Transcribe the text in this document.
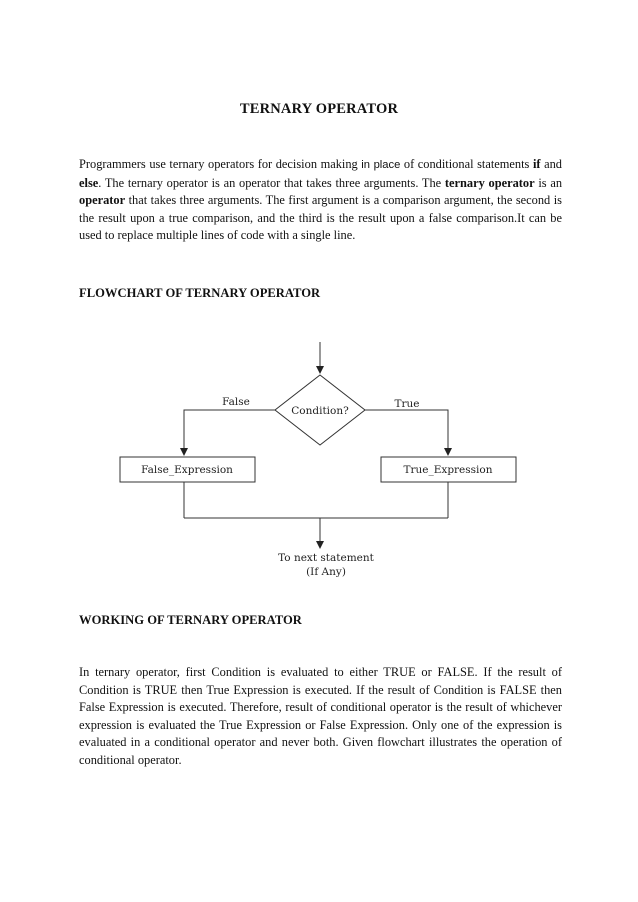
TERNARY OPERATOR

Programmers use ternary operators for decision making in place of conditional statements if and else. The ternary operator is an operator that takes three arguments. The ternary operator is an operator that takes three arguments. The first argument is a comparison argument, the second is the result upon a true comparison, and the third is the result upon a false comparison.It can be used to replace multiple lines of code with a single line.

FLOWCHART OF TERNARY OPERATOR
Condition?
False	True
False_Expression	True_Expression
To next statement
(If Any)
WORKING OF TERNARY OPERATOR

In ternary operator, first Condition is evaluated to either TRUE or FALSE. If the result of Condition is TRUE then True Expression is executed. If the result of Condition is FALSE then False Expression is executed. Therefore, result of conditional operator is the result of whichever expression is evaluated the True Expression or False Expression. Only one of the expression is evaluated in a conditional operator and never both. Given flowchart illustrates the operation of conditional operator.
